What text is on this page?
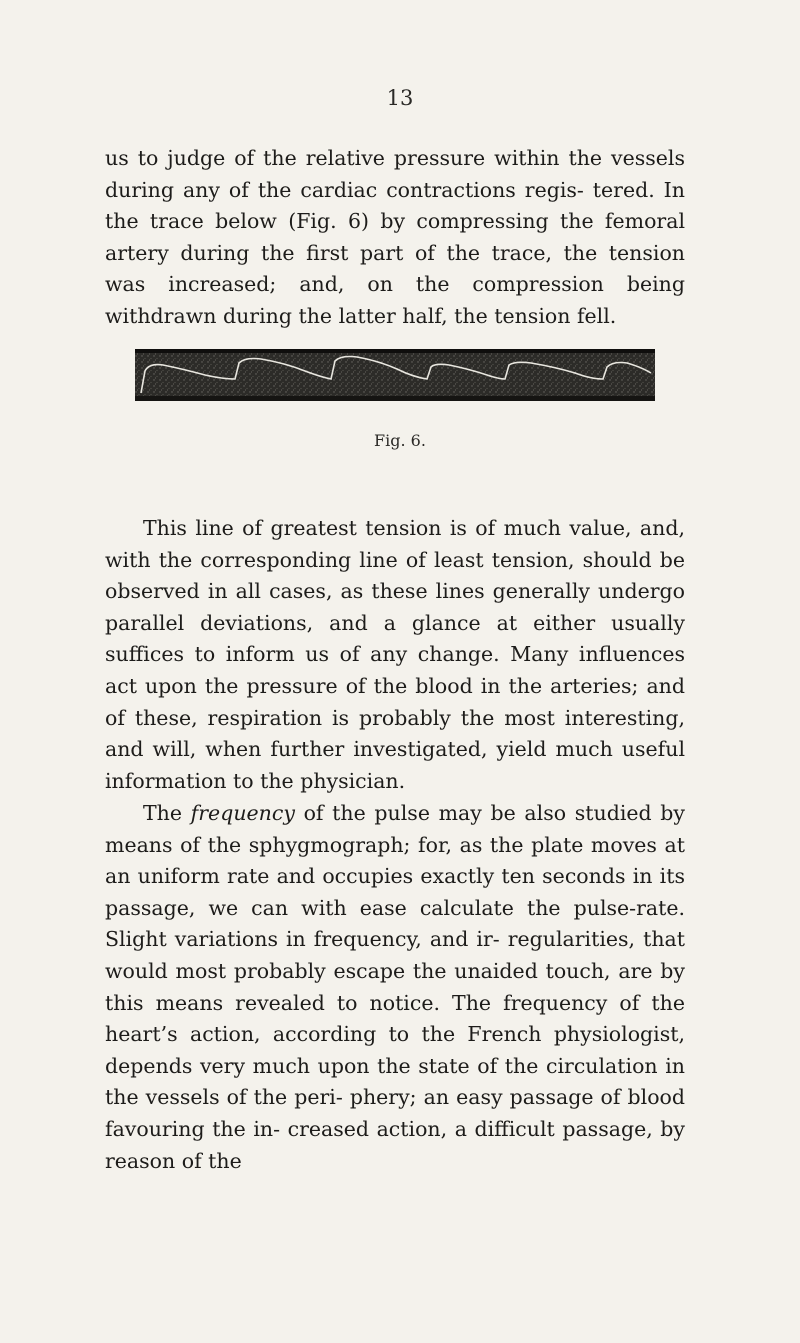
13

us to judge of the relative pressure within the vessels during any of the cardiac contractions regis- tered. In the trace below (Fig. 6) by compressing the femoral artery during the first part of the trace, the tension was increased; and, on the compression being withdrawn during the latter half, the tension fell.

Fig. 6.

This line of greatest tension is of much value, and, with the corresponding line of least tension, should be observed in all cases, as these lines generally undergo parallel deviations, and a glance at either usually suffices to inform us of any change. Many influences act upon the pressure of the blood in the arteries; and of these, respiration is probably the most interesting, and will, when further investigated, yield much useful information to the physician.

The frequency of the pulse may be also studied by means of the sphygmograph; for, as the plate moves at an uniform rate and occupies exactly ten seconds in its passage, we can with ease calculate the pulse-rate. Slight variations in frequency, and ir- regularities, that would most probably escape the unaided touch, are by this means revealed to notice. The frequency of the heart’s action, according to the French physiologist, depends very much upon the state of the circulation in the vessels of the peri- phery; an easy passage of blood favouring the in- creased action, a difficult passage, by reason of the
